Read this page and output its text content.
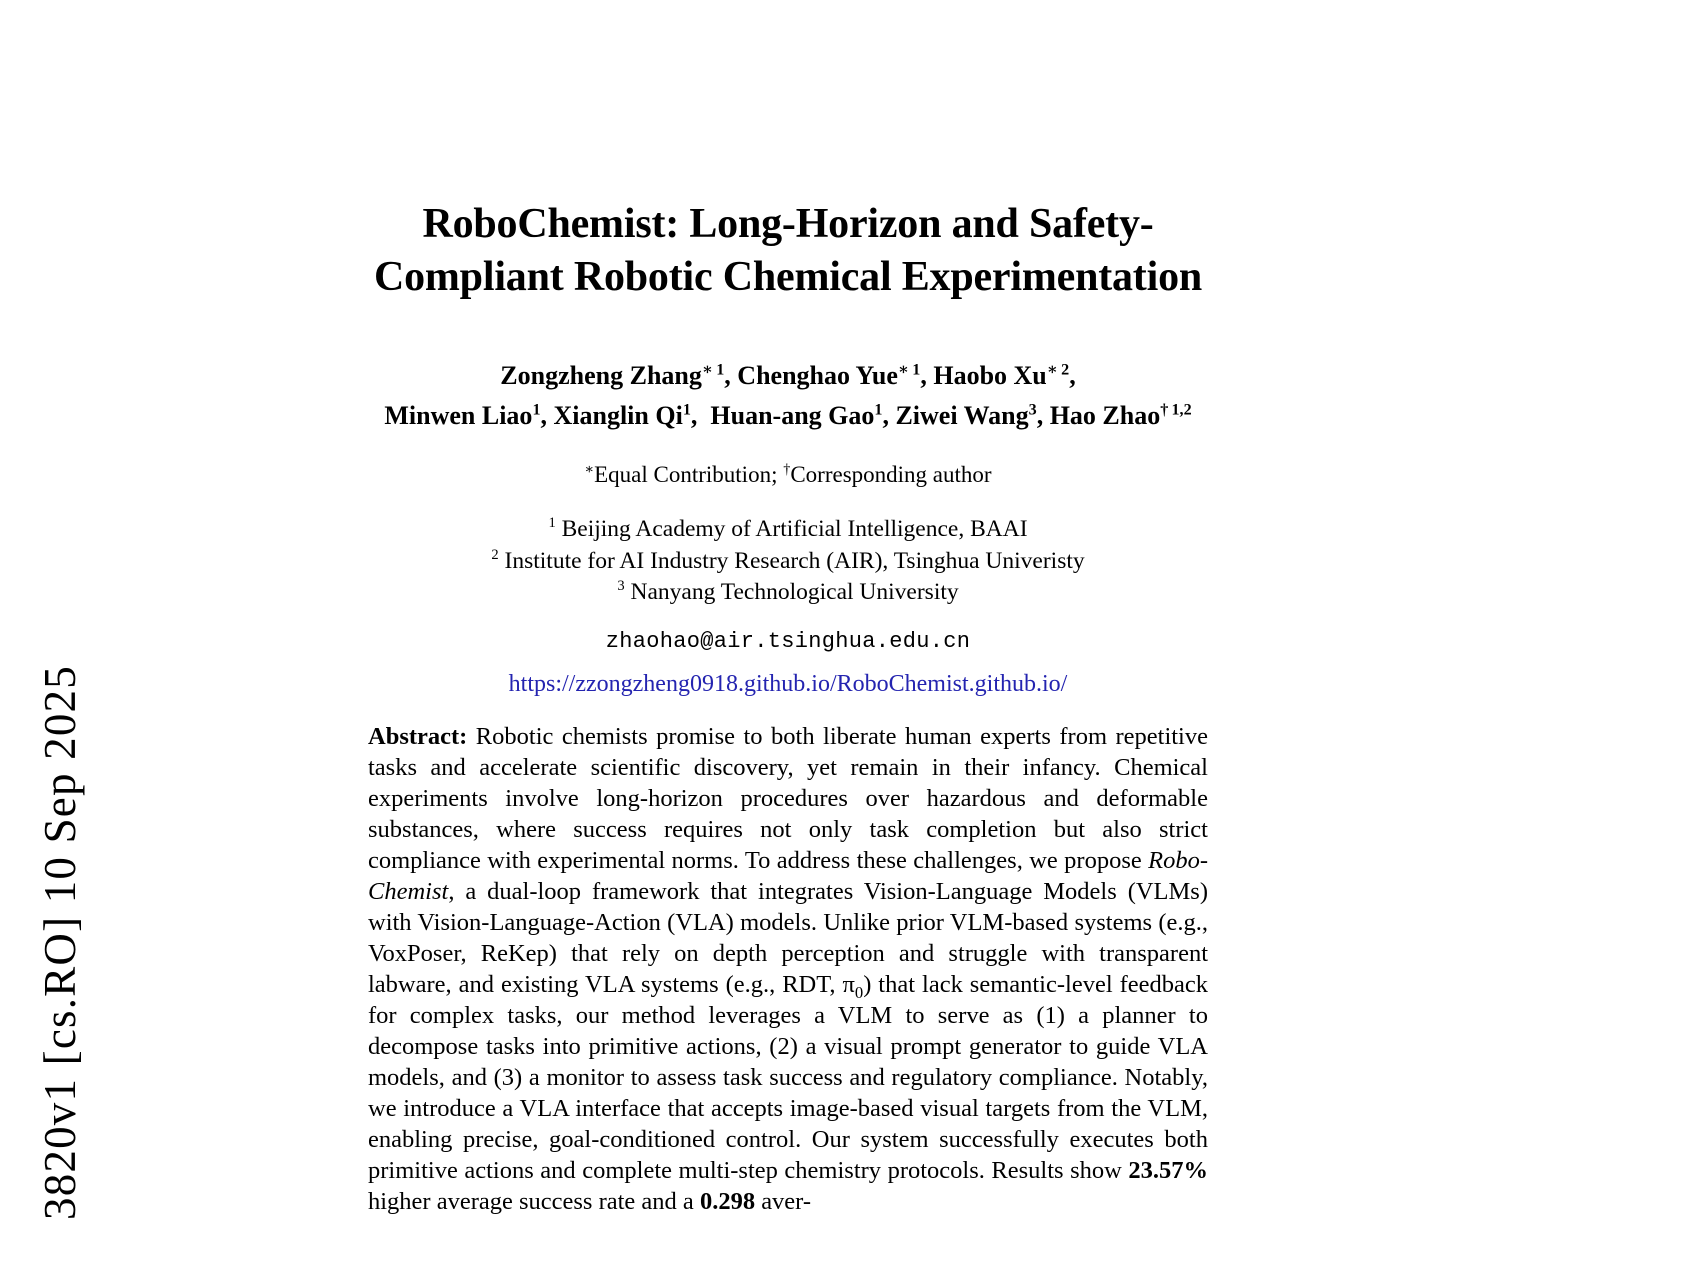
3820v1 [cs.RO] 10 Sep 2025
RoboChemist: Long-Horizon and Safety-Compliant Robotic Chemical Experimentation
Zongzheng Zhang$^{∗ 1}$, Chenghao Yue$^{∗ 1}$, Haobo $Xu^{∗ 2}$,
Minwen Liao$^1$, Xianglin Qi$^1$,  Huan-ang Gao$^1$, Ziwei Wang$^3$, Hao Zhao$^{\dagger 1,2}$
∗Equal Contribution; †Corresponding author
$^1$ Beijing Academy of Artificial Intelligence, BAAI
$^2$ Institute for AI Industry Research (AIR), Tsinghua Univeristy
$^3$ Nanyang Technological University
zhaohao@air.tsinghua.edu.cn
https://zzongzheng0918.github.io/RoboChemist.github.io/
Abstract: Robotic chemists promise to both liberate human experts from repetitive tasks and accelerate scientific discovery, yet remain in their infancy. Chemical experiments involve long-horizon procedures over hazardous and deformable substances, where success requires not only task completion but also strict compliance with experimental norms. To address these challenges, we propose Robo-Chemist, a dual-loop framework that integrates Vision-Language Models (VLMs) with Vision-Language-Action (VLA) models. Unlike prior VLM-based systems (e.g., VoxPoser, ReKep) that rely on depth perception and struggle with transparent labware, and existing VLA systems (e.g., RDT, $\pi_0$) that lack semantic-level feedback for complex tasks, our method leverages a VLM to serve as (1) a planner to decompose tasks into primitive actions, (2) a visual prompt generator to guide VLA models, and (3) a monitor to assess task success and regulatory compliance. Notably, we introduce a VLA interface that accepts image-based visual targets from the VLM, enabling precise, goal-conditioned control. Our system successfully executes both primitive actions and complete multi-step chemistry protocols. Results show 23.57% higher average success rate and a 0.298 aver-
